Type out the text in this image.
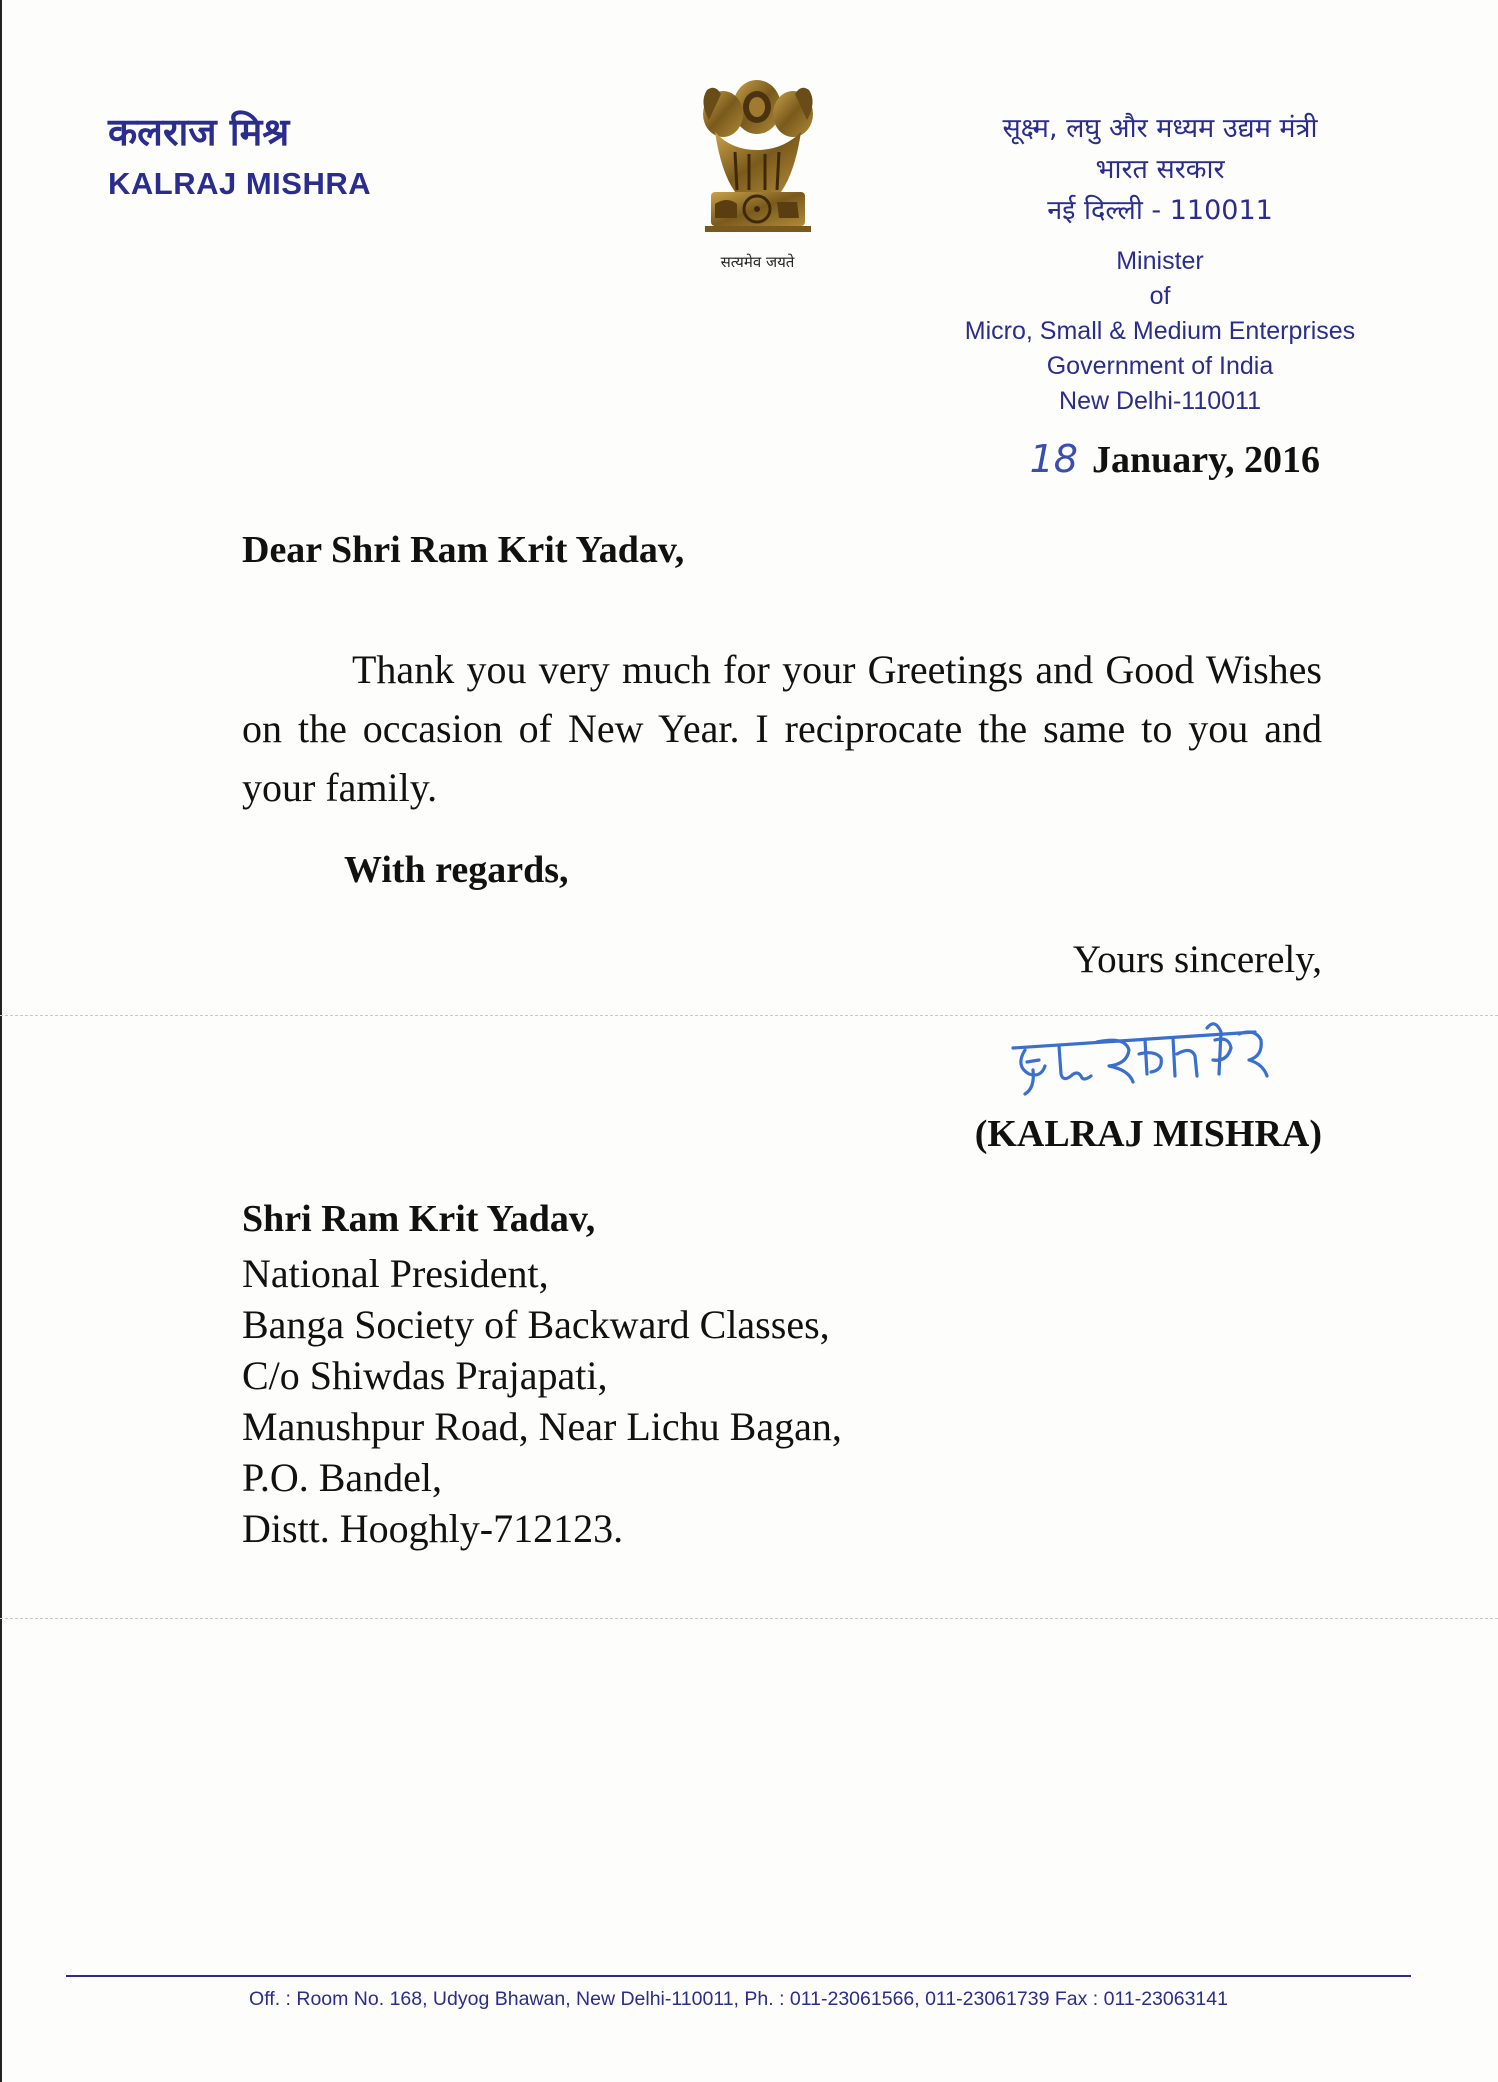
कलराज मिश्र
KALRAJ MISHRA
सत्यमेव जयते
सूक्ष्म, लघु और मध्यम उद्यम मंत्री
भारत सरकार
नई दिल्ली - 110011
Minister
of
Micro, Small & Medium Enterprises
Government of India
New Delhi-110011
18 January, 2016
Dear Shri Ram Krit Yadav,
Thank you very much for your Greetings and Good Wishes on the occasion of New Year. I reciprocate the same to you and your family.
With regards,
Yours sincerely,
(KALRAJ MISHRA)
Shri Ram Krit Yadav,
National President,
Banga Society of Backward Classes,
C/o Shiwdas Prajapati,
Manushpur Road, Near Lichu Bagan,
P.O. Bandel,
Distt. Hooghly-712123.
Off. : Room No. 168, Udyog Bhawan, New Delhi-110011, Ph. : 011-23061566, 011-23061739 Fax : 011-23063141
